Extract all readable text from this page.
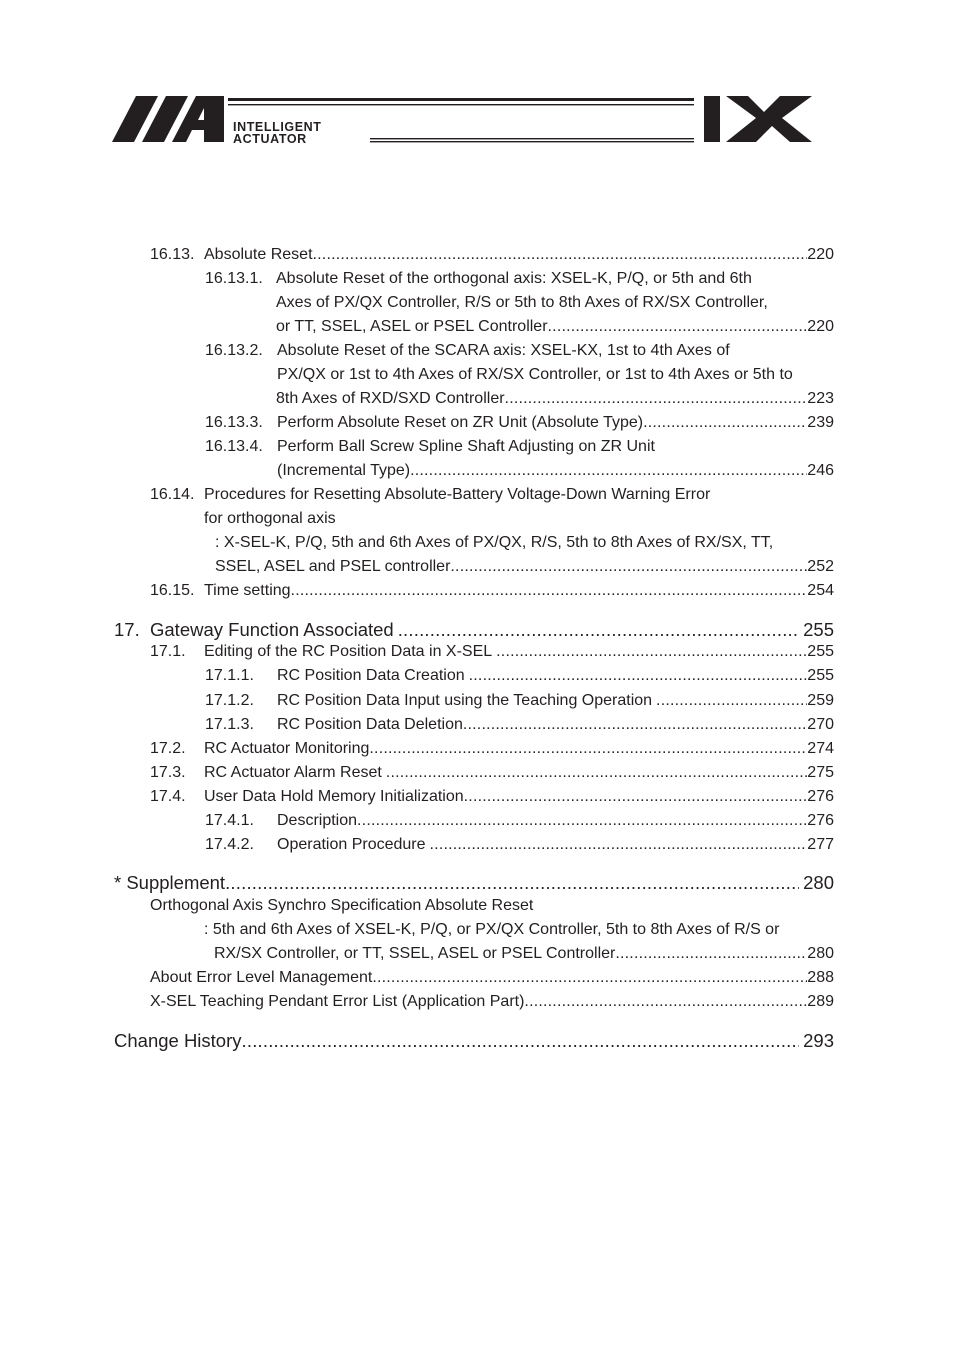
INTELLIGENT
ACTUATOR
16.13. Absolute Reset .....	220
16.13.1. Absolute Reset of the orthogonal axis: XSEL-K, P/Q, or 5th and 6th
Axes of PX/QX Controller, R/S or 5th to 8th Axes of RX/SX Controller,
or TT, SSEL, ASEL or PSEL Controller .....	220
16.13.2. Absolute Reset of the SCARA axis: XSEL-KX, 1st to 4th Axes of
PX/QX or 1st to 4th Axes of RX/SX Controller, or 1st to 4th Axes or 5th to
8th Axes of RXD/SXD Controller .....	223
16.13.3. Perform Absolute Reset on ZR Unit (Absolute Type) .....	239
16.13.4. Perform Ball Screw Spline Shaft Adjusting on ZR Unit
(Incremental Type) .....	246
16.14. Procedures for Resetting Absolute-Battery Voltage-Down Warning Error
for orthogonal axis
: X-SEL-K, P/Q, 5th and 6th Axes of PX/QX, R/S, 5th to 8th Axes of RX/SX, TT,
SSEL, ASEL and PSEL controller .....	252
16.15. Time setting .....	254
17. Gateway Function Associated .....	255
17.1.	Editing of the RC Position Data in X-SEL .....	255
17.1.1.	RC Position Data Creation .....	255
17.1.2.	RC Position Data Input using the Teaching Operation .....	259
17.1.3.	RC Position Data Deletion .....	270
17.2.	RC Actuator Monitoring .....	274
17.3.	RC Actuator Alarm Reset .....	275
17.4.	User Data Hold Memory Initialization .....	276
17.4.1.	Description .....	276
17.4.2.	Operation Procedure .....	277
* Supplement .....	280
Orthogonal Axis Synchro Specification Absolute Reset
: 5th and 6th Axes of XSEL-K, P/Q, or PX/QX Controller, 5th to 8th Axes of R/S or
RX/SX Controller, or TT, SSEL, ASEL or PSEL Controller .....	280
About Error Level Management .....	288
X-SEL Teaching Pendant Error List (Application Part) .....	289
Change History .....	293
